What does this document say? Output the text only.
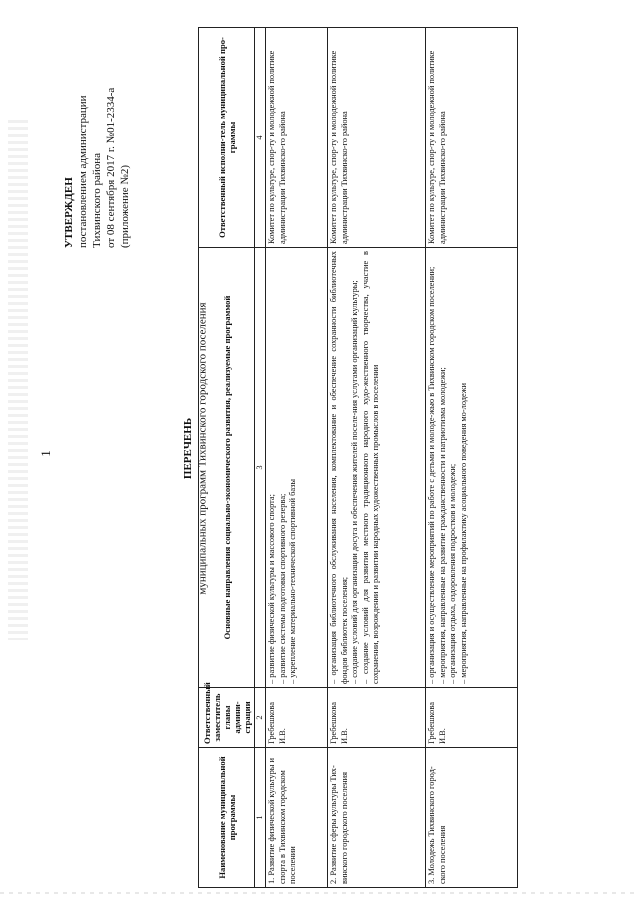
1
УТВЕРЖДЕН постановлением администрации Тихвинского района от 08 сентября 2017 г. №01-2334-а (приложение №2)
ПЕРЕЧЕНЬ муниципальных программ Тихвинского городского поселения
Наименование муниципальной программы	Ответственный заместитель главы админи-страции	Основные направления социально-экономического развития, реализуемые программой	Ответственный исполни-тель муниципальной про-граммы
1	2	3	4
1. Развитие физической культуры и спорта в Тихвинском городском поселении	Гребешкова И.В.	– развитие физической культуры и массового спорта; – развитие системы подготовки спортивного резерва; – укрепление материально-технической спортивной базы	Комитет по культуре, спор-ту и молодежной политике администрации Тихвинско-го района
2. Развитие сферы культуры Тих-винского городского поселения	Гребешкова И.В.	– организация библиотечного обслуживания населения, комплектование и обеспечение сохранности библиотечных фондов библиотек поселения; – создание условий для организации досуга и обеспечения жителей поселе-ния услугами организаций культуры; – создание условий для развития местного традиционного народного худо-жественного творчества, участие в сохранении, возрождении и развитии народных художественных промыслов в поселении	Комитет по культуре, спор-ту и молодежной политике администрации Тихвинско-го района
3. Молодежь Тихвинского город-ского поселения	Гребешкова И.В.	– организация и осуществление мероприятий по работе с детьми и молоде-жью в Тихвинском городском поселении; – мероприятия, направленные на развитие гражданственности и патриотизма молодежи; – организация отдыха, оздоровления подростков и молодежи; – мероприятия, направленные на профилактику асоциального поведения мо-лодежи	Комитет по культуре, спор-ту и молодежной политике администрации Тихвинско-го района
